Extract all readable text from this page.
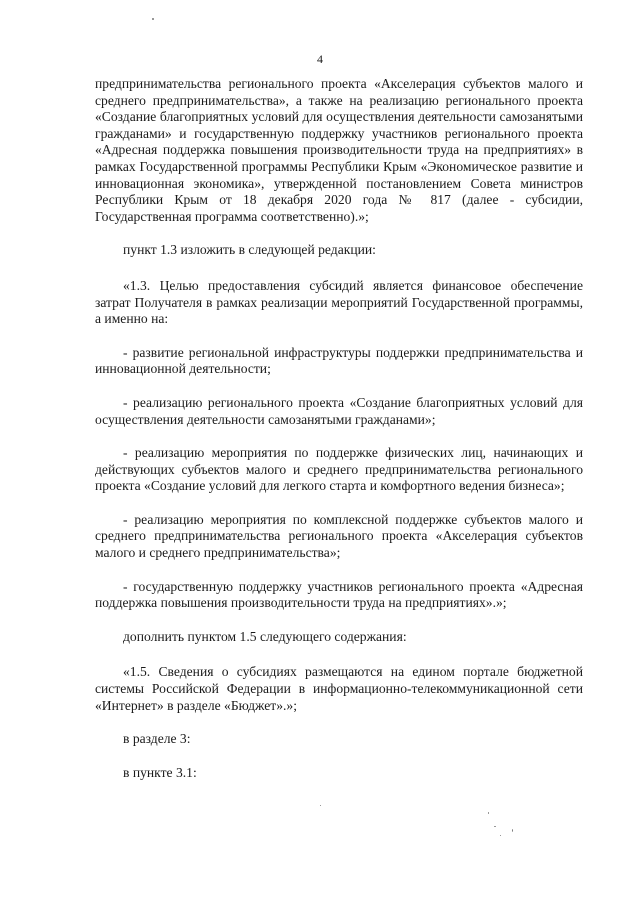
4

предпринимательства регионального проекта «Акселерация субъектов малого и среднего предпринимательства», а также на реализацию регионального проекта «Создание благоприятных условий для осуществления деятельности самозанятыми гражданами» и государственную поддержку участников регионального проекта «Адресная поддержка повышения производительности труда на предприятиях» в рамках Государственной программы Республики Крым «Экономическое развитие и инновационная экономика», утвержденной постановлением Совета министров Республики Крым от 18 декабря 2020 года № 817 (далее - субсидии, Государственная программа соответственно).»;

пункт 1.3 изложить в следующей редакции:

«1.3. Целью предоставления субсидий является финансовое обеспечение затрат Получателя в рамках реализации мероприятий Государственной программы, а именно на:

- развитие региональной инфраструктуры поддержки предпринимательства и инновационной деятельности;

- реализацию регионального проекта «Создание благоприятных условий для осуществления деятельности самозанятыми гражданами»;

- реализацию мероприятия по поддержке физических лиц, начинающих и действующих субъектов малого и среднего предпринимательства регионального проекта «Создание условий для легкого старта и комфортного ведения бизнеса»;

- реализацию мероприятия по комплексной поддержке субъектов малого и среднего предпринимательства регионального проекта «Акселерация субъектов малого и среднего предпринимательства»;

- государственную поддержку участников регионального проекта «Адресная поддержка повышения производительности труда на предприятиях».»;

дополнить пунктом 1.5 следующего содержания:

«1.5. Сведения о субсидиях размещаются на едином портале бюджетной системы Российской Федерации в информационно-телекоммуникационной сети «Интернет» в разделе «Бюджет».»;

в разделе 3:

в пункте 3.1:
